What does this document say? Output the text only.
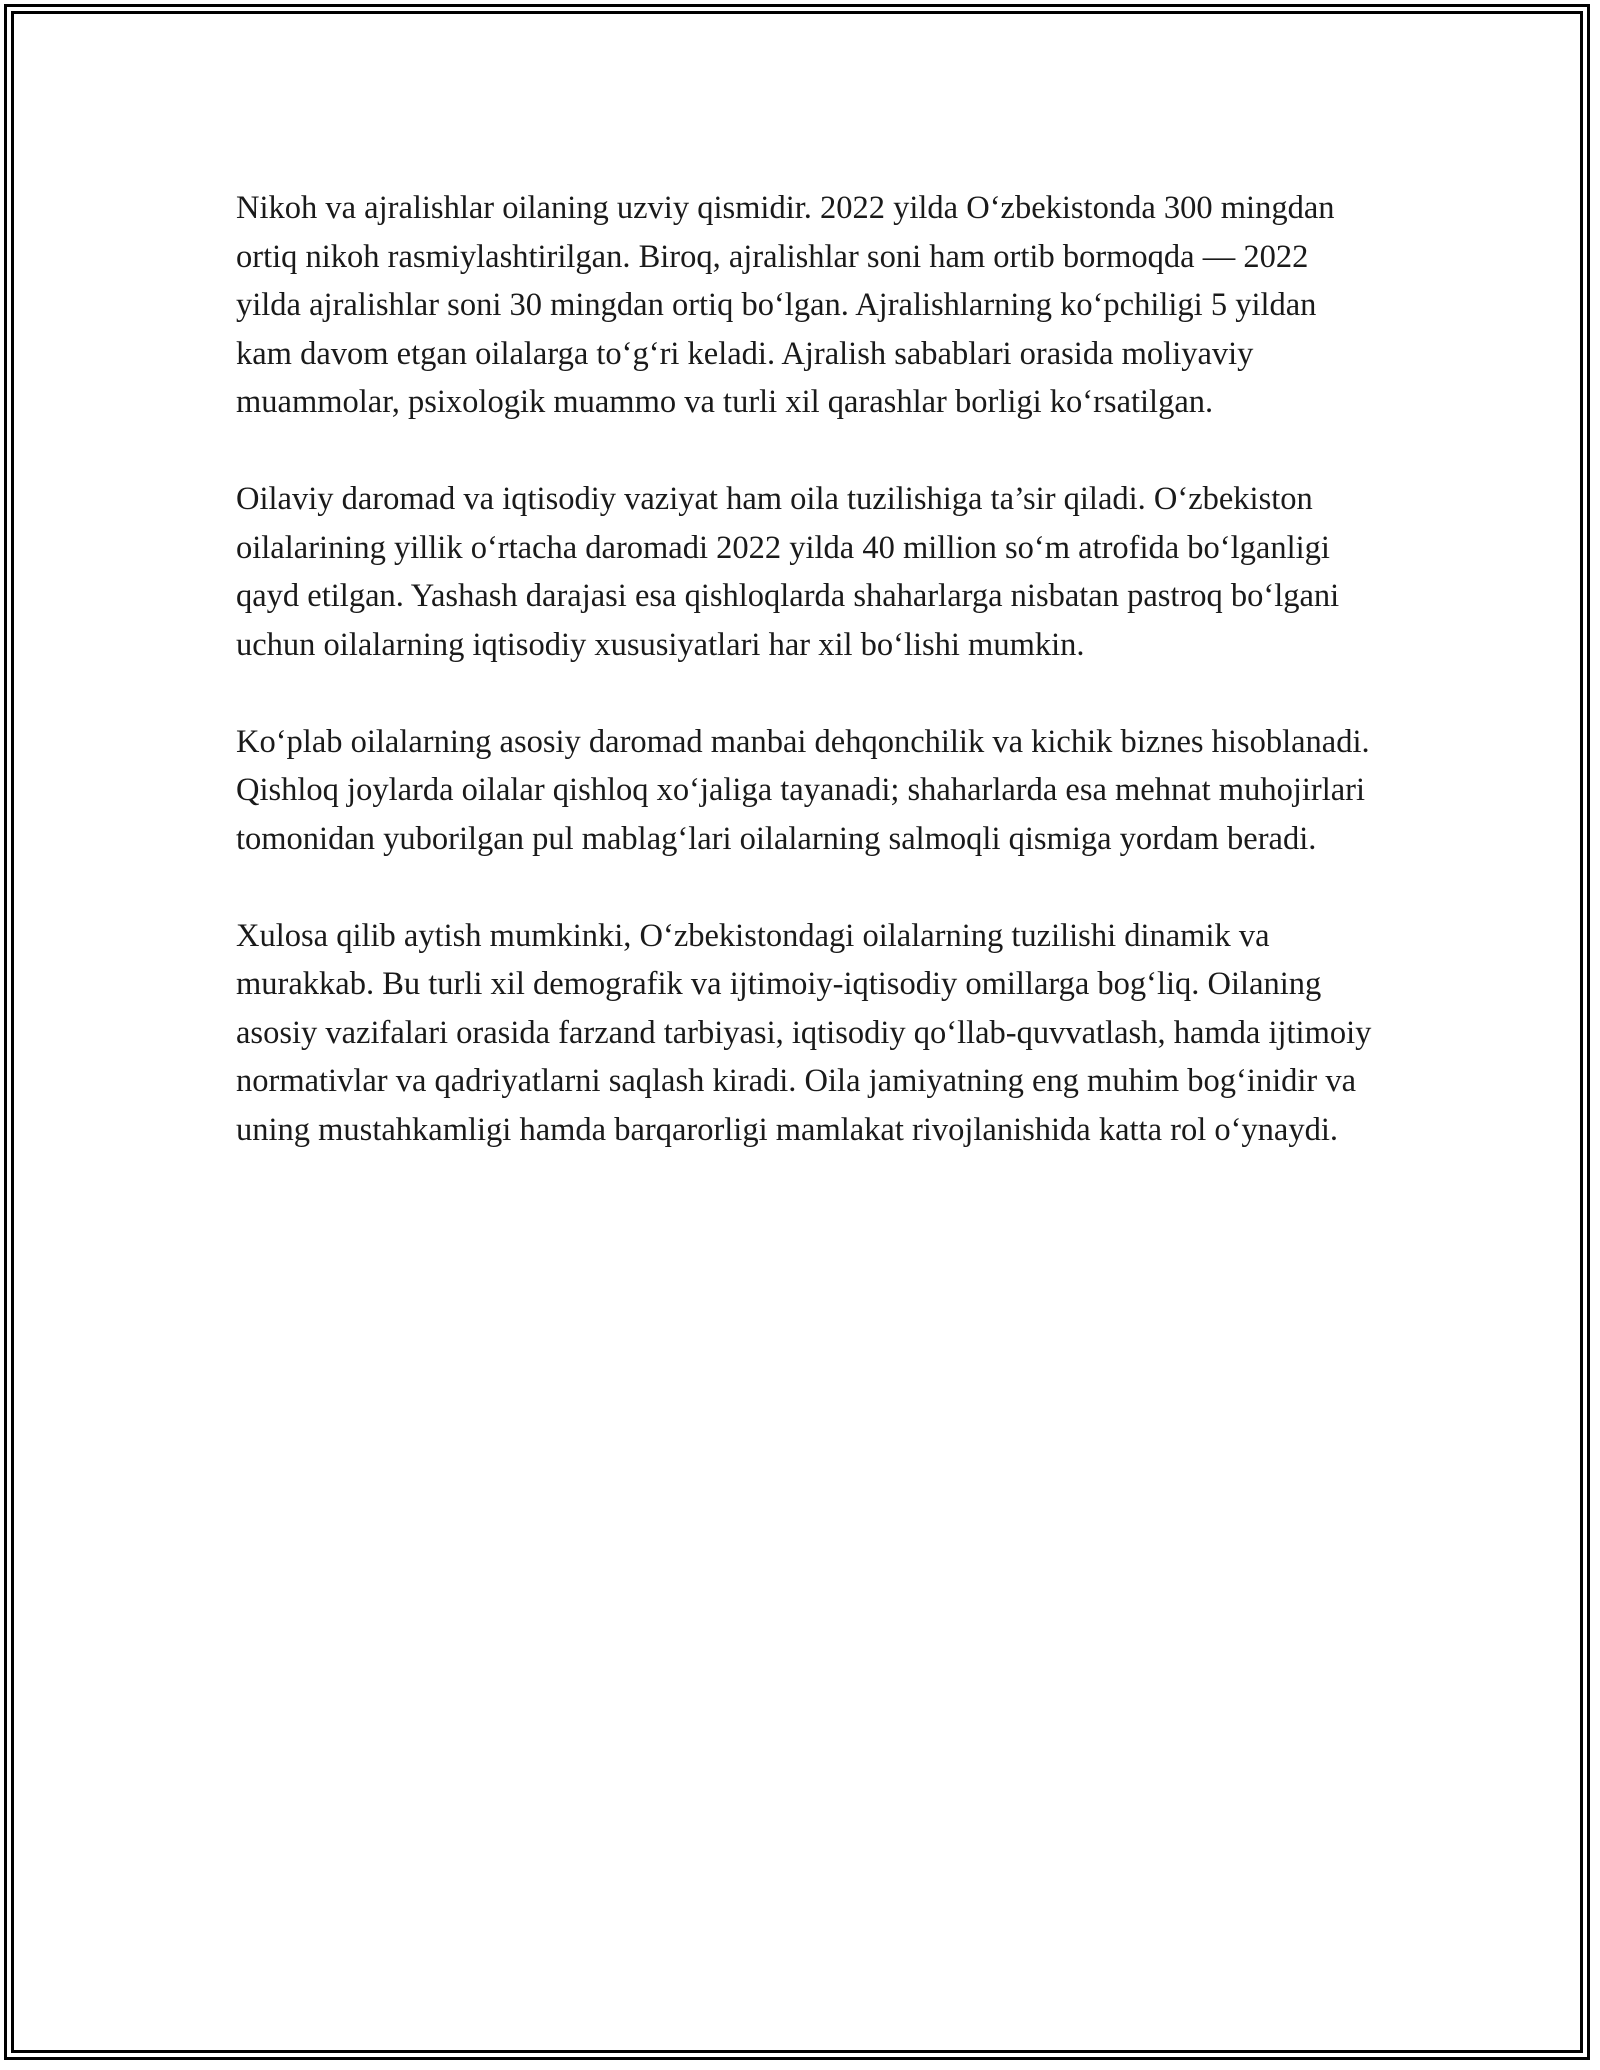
Nikoh va ajralishlar oilaning uzviy qismidir. 2022 yilda O‘zbekistonda 300 mingdan ortiq nikoh rasmiylashtirilgan. Biroq, ajralishlar soni ham ortib bormoqda — 2022 yilda ajralishlar soni 30 mingdan ortiq bo‘lgan. Ajralishlarning ko‘pchiligi 5 yildan kam davom etgan oilalarga to‘g‘ri keladi. Ajralish sabablari orasida moliyaviy muammolar, psixologik muammo va turli xil qarashlar borligi ko‘rsatilgan.

Oilaviy daromad va iqtisodiy vaziyat ham oila tuzilishiga ta’sir qiladi. O‘zbekiston oilalarining yillik o‘rtacha daromadi 2022 yilda 40 million so‘m atrofida bo‘lganligi qayd etilgan. Yashash darajasi esa qishloqlarda shaharlarga nisbatan pastroq bo‘lgani uchun oilalarning iqtisodiy xususiyatlari har xil bo‘lishi mumkin.

Ko‘plab oilalarning asosiy daromad manbai dehqonchilik va kichik biznes hisoblanadi. Qishloq joylarda oilalar qishloq xo‘jaliga tayanadi; shaharlarda esa mehnat muhojirlari tomonidan yuborilgan pul mablag‘lari oilalarning salmoqli qismiga yordam beradi.

Xulosa qilib aytish mumkinki, O‘zbekistondagi oilalarning tuzilishi dinamik va murakkab. Bu turli xil demografik va ijtimoiy-iqtisodiy omillarga bog‘liq. Oilaning asosiy vazifalari orasida farzand tarbiyasi, iqtisodiy qo‘llab-quvvatlash, hamda ijtimoiy normativlar va qadriyatlarni saqlash kiradi. Oila jamiyatning eng muhim bog‘inidir va uning mustahkamligi hamda barqarorligi mamlakat rivojlanishida katta rol o‘ynaydi.
